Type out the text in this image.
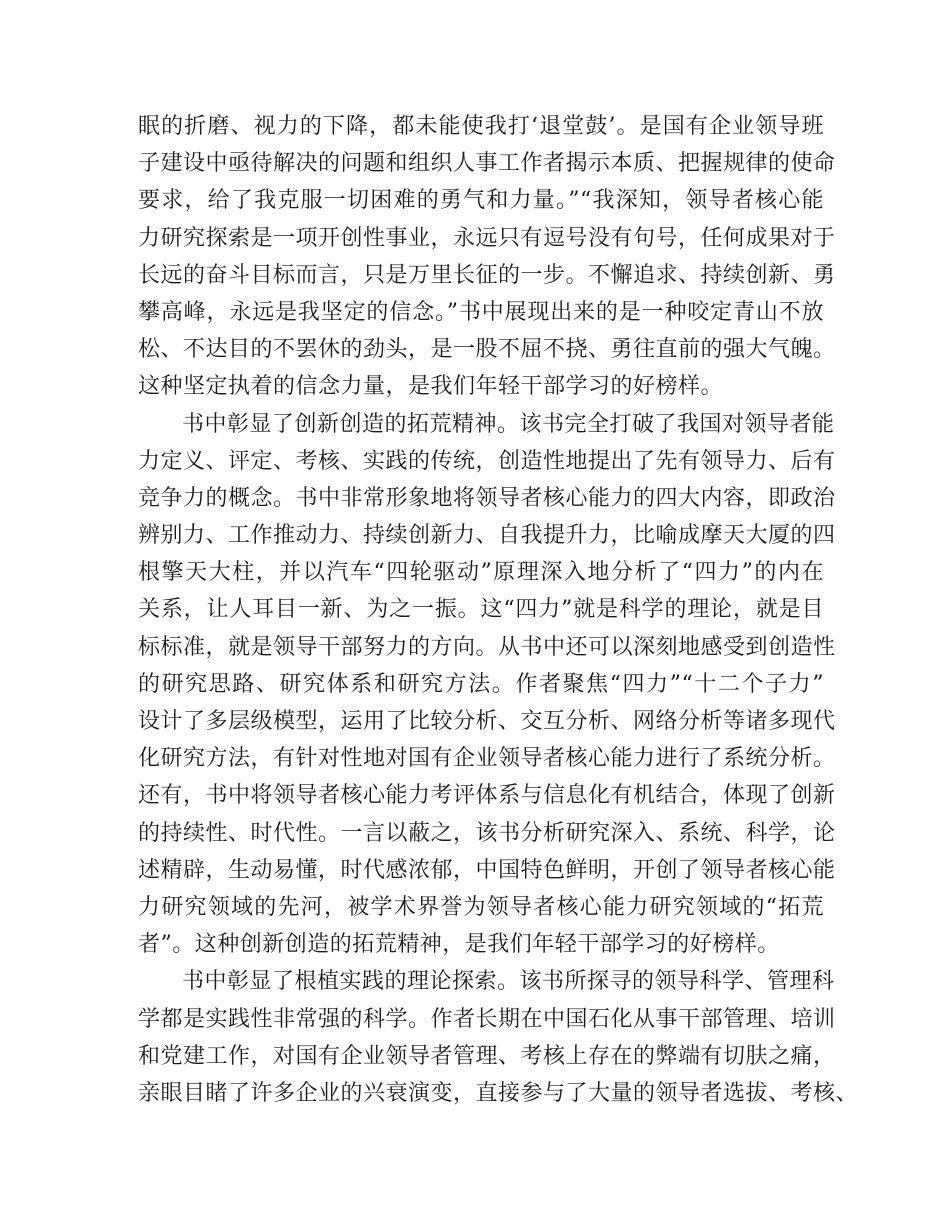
眠的折磨、视力的下降，都未能使我打‘退堂鼓’。是国有企业领导班
子建设中亟待解决的问题和组织人事工作者揭示本质、把握规律的使命
要求，给了我克服一切困难的勇气和力量。”“我深知，领导者核心能
力研究探索是一项开创性事业，永远只有逗号没有句号，任何成果对于
长远的奋斗目标而言，只是万里长征的一步。不懈追求、持续创新、勇
攀高峰，永远是我坚定的信念。”书中展现出来的是一种咬定青山不放
松、不达目的不罢休的劲头，是一股不屈不挠、勇往直前的强大气魄。
这种坚定执着的信念力量，是我们年轻干部学习的好榜样。
书中彰显了创新创造的拓荒精神。该书完全打破了我国对领导者能
力定义、评定、考核、实践的传统，创造性地提出了先有领导力、后有
竞争力的概念。书中非常形象地将领导者核心能力的四大内容，即政治
辨别力、工作推动力、持续创新力、自我提升力，比喻成摩天大厦的四
根擎天大柱，并以汽车“四轮驱动”原理深入地分析了“四力”的内在
关系，让人耳目一新、为之一振。这“四力”就是科学的理论，就是目
标标准，就是领导干部努力的方向。从书中还可以深刻地感受到创造性
的研究思路、研究体系和研究方法。作者聚焦“四力”“十二个子力”
设计了多层级模型，运用了比较分析、交互分析、网络分析等诸多现代
化研究方法，有针对性地对国有企业领导者核心能力进行了系统分析。
还有，书中将领导者核心能力考评体系与信息化有机结合，体现了创新
的持续性、时代性。一言以蔽之，该书分析研究深入、系统、科学，论
述精辟，生动易懂，时代感浓郁，中国特色鲜明，开创了领导者核心能
力研究领域的先河，被学术界誉为领导者核心能力研究领域的“拓荒
者”。这种创新创造的拓荒精神，是我们年轻干部学习的好榜样。
书中彰显了根植实践的理论探索。该书所探寻的领导科学、管理科
学都是实践性非常强的科学。作者长期在中国石化从事干部管理、培训
和党建工作，对国有企业领导者管理、考核上存在的弊端有切肤之痛，
亲眼目睹了许多企业的兴衰演变，直接参与了大量的领导者选拔、考核、
